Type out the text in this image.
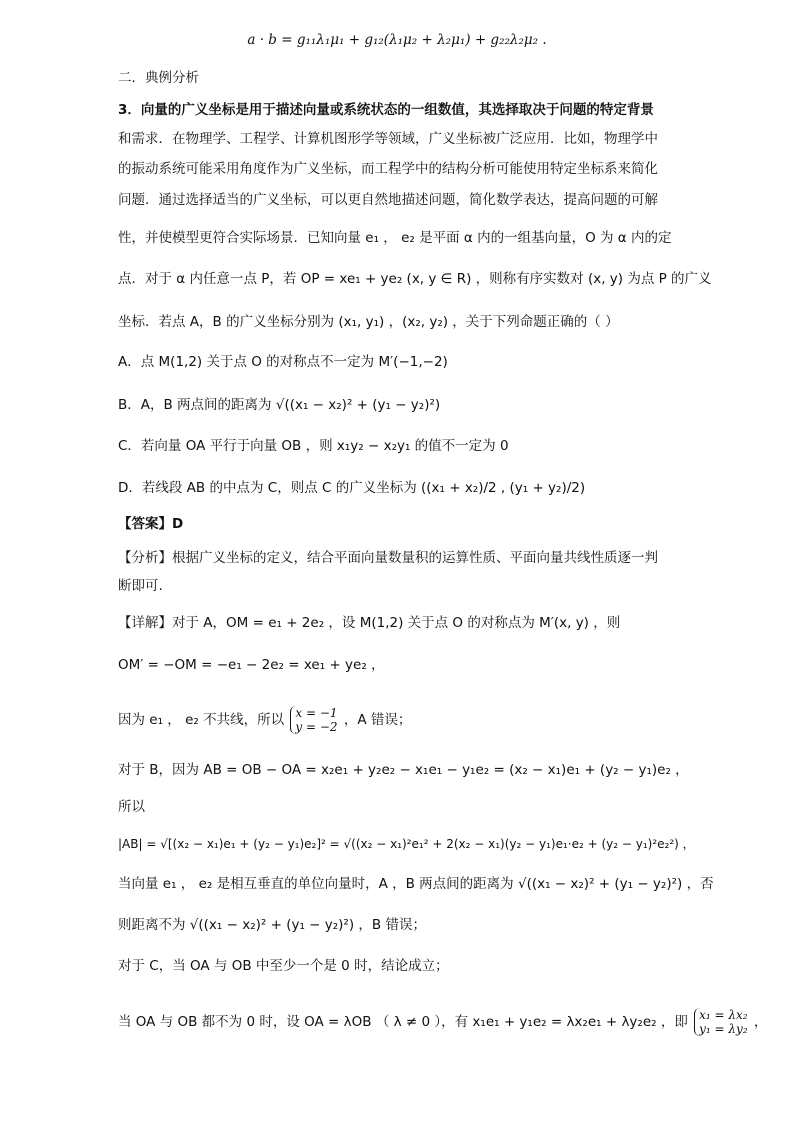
a · b = g₁₁λ₁μ₁ + g₁₂(λ₁μ₂ + λ₂μ₁) + g₂₂λ₂μ₂ .
二．典例分析
3．向量的广义坐标是用于描述向量或系统状态的一组数值，其选择取决于问题的特定背景
和需求．在物理学、工程学、计算机图形学等领域，广义坐标被广泛应用．比如，物理学中
的振动系统可能采用角度作为广义坐标，而工程学中的结构分析可能使用特定坐标系来简化
问题．通过选择适当的广义坐标，可以更自然地描述问题，简化数学表达，提高问题的可解
性，并使模型更符合实际场景．已知向量 e₁ ， e₂ 是平面 α 内的一组基向量，O 为 α 内的定
点．对于 α 内任意一点 P，若 OP = xe₁ + ye₂ (x, y ∈ R) ，则称有序实数对 (x, y) 为点 P 的广义
坐标．若点 A，B 的广义坐标分别为 (x₁, y₁) ，(x₂, y₂) ，关于下列命题正确的（ ）
A．点 M(1,2) 关于点 O 的对称点不一定为 M′(−1,−2)
B．A，B 两点间的距离为 √((x₁ − x₂)² + (y₁ − y₂)²)
C．若向量 OA 平行于向量 OB ，则 x₁y₂ − x₂y₁ 的值不一定为 0
D．若线段 AB 的中点为 C，则点 C 的广义坐标为 ((x₁ + x₂)/2 , (y₁ + y₂)/2)
【答案】D
【分析】根据广义坐标的定义，结合平面向量数量积的运算性质、平面向量共线性质逐一判
断即可.
【详解】对于 A，OM = e₁ + 2e₂ ，设 M(1,2) 关于点 O 的对称点为 M′(x, y) ，则
OM′ = −OM = −e₁ − 2e₂ = xe₁ + ye₂ ，
因为 e₁ ， e₂ 不共线，所以 x = −1
y = −2 ，A 错误；
对于 B，因为 AB = OB − OA = x₂e₁ + y₂e₂ − x₁e₁ − y₁e₂ = (x₂ − x₁)e₁ + (y₂ − y₁)e₂ ，
所以
|AB| = √[(x₂ − x₁)e₁ + (y₂ − y₁)e₂]² = √((x₂ − x₁)²e₁² + 2(x₂ − x₁)(y₂ − y₁)e₁·e₂ + (y₂ − y₁)²e₂²) ，
当向量 e₁ ， e₂ 是相互垂直的单位向量时，A ，B 两点间的距离为 √((x₁ − x₂)² + (y₁ − y₂)²) ，否
则距离不为 √((x₁ − x₂)² + (y₁ − y₂)²) ，B 错误；
对于 C，当 OA 与 OB 中至少一个是 0 时，结论成立；
当 OA 与 OB 都不为 0 时，设 OA = λOB （ λ ≠ 0 ），有 x₁e₁ + y₁e₂ = λx₂e₁ + λy₂e₂ ，即 x₁ = λx₂
y₁ = λy₂ ，
